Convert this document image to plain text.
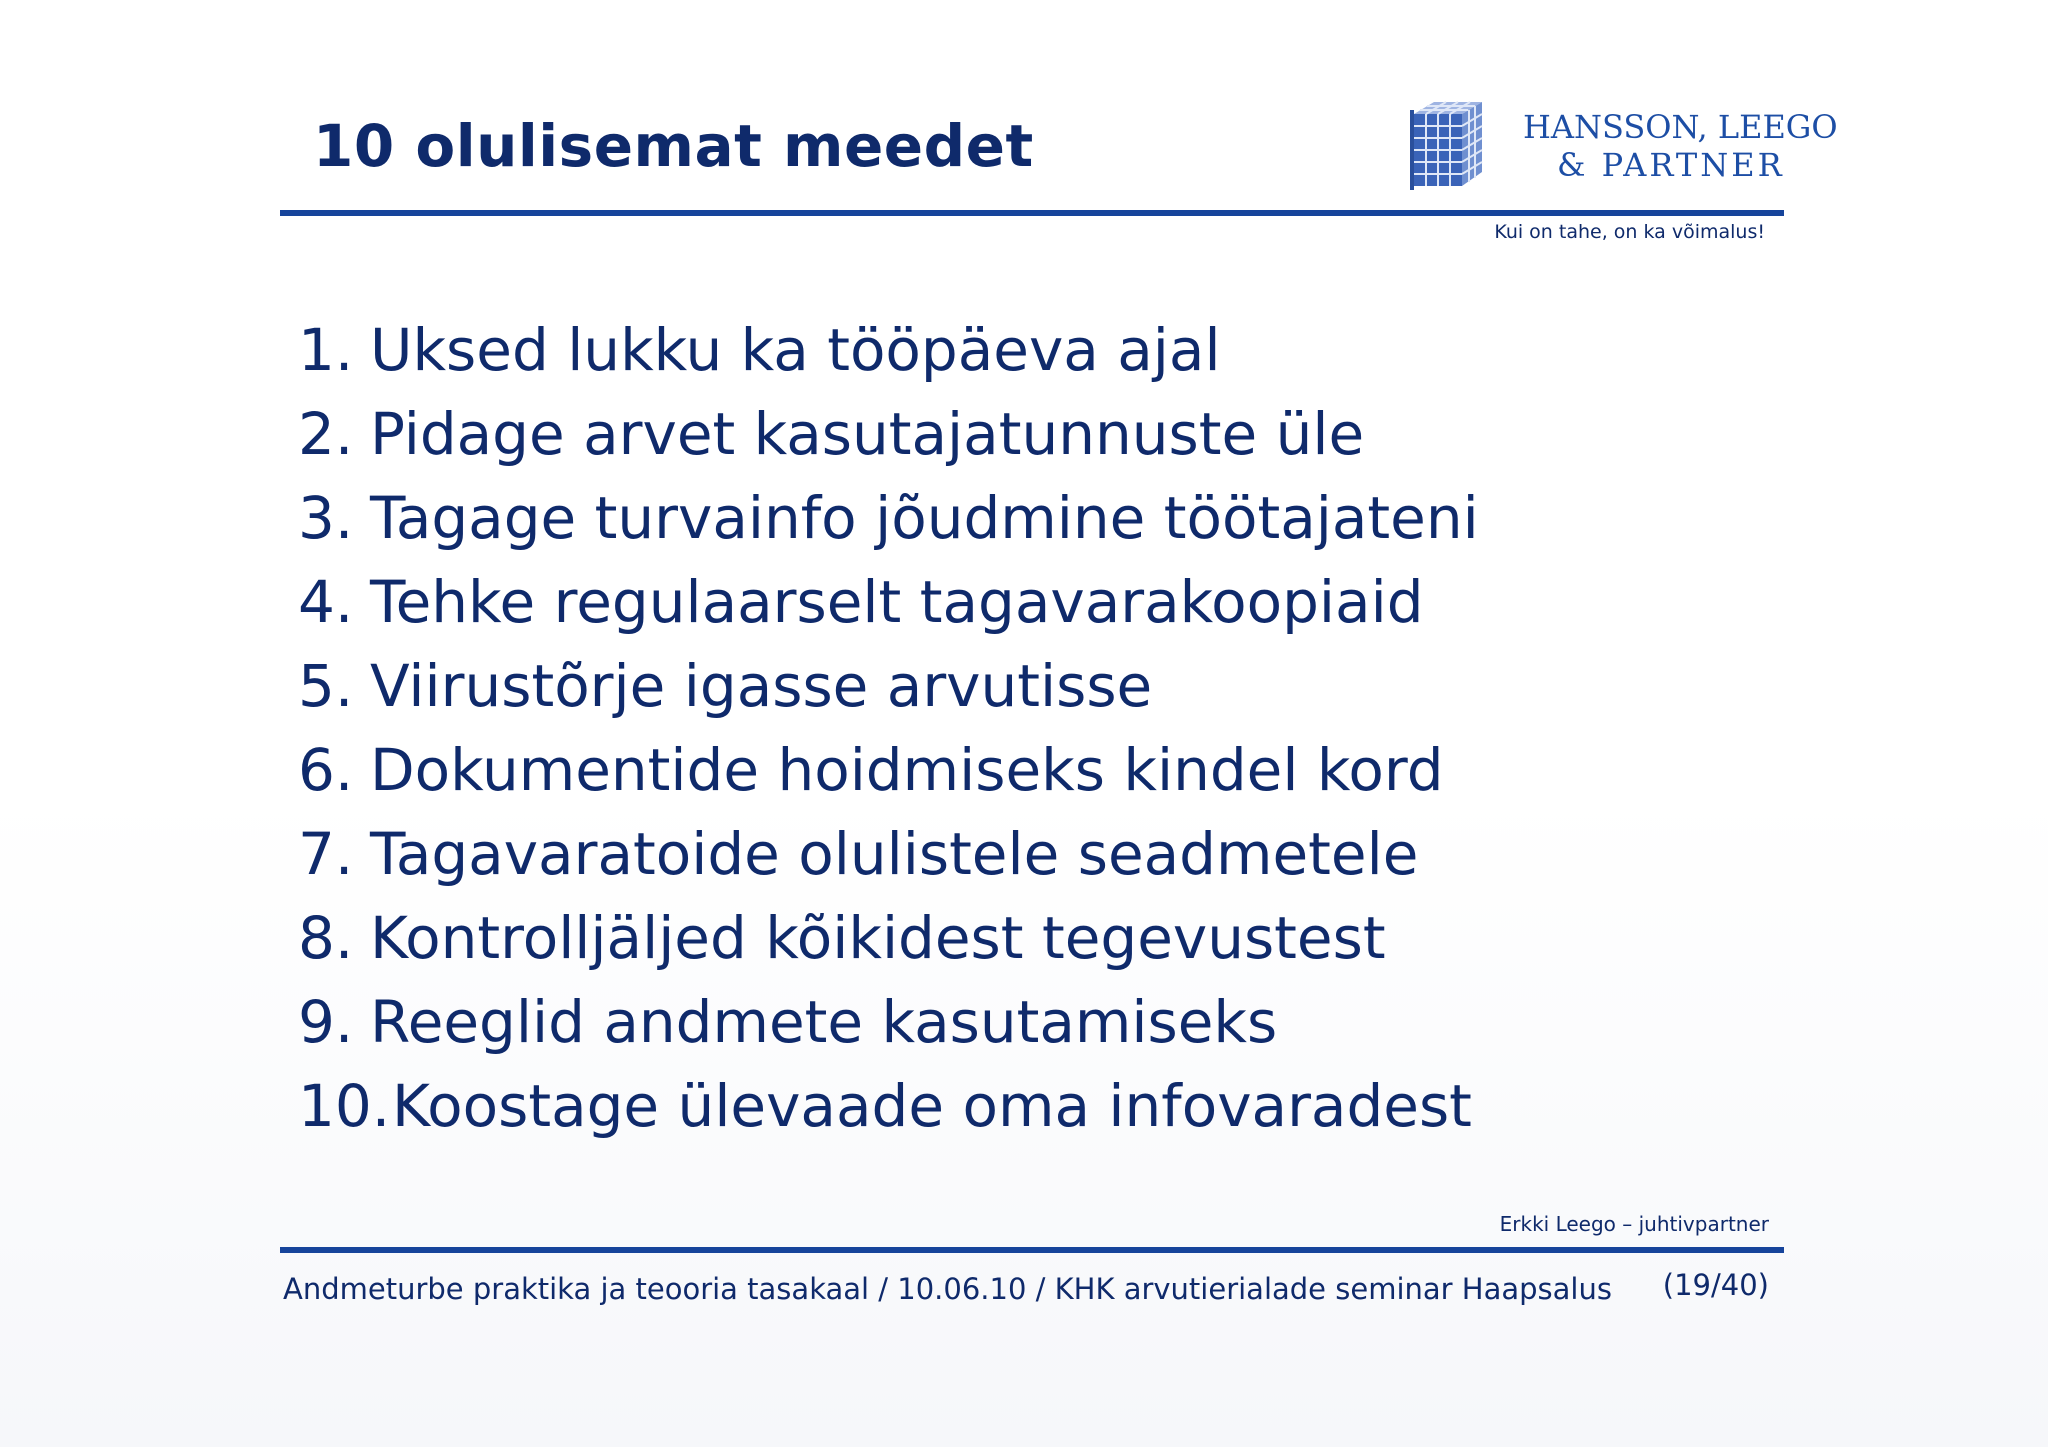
10 olulisemat meedet	HANSSON, LEEGO
& PARTNER
Kui on tahe, on ka võimalus!
1. Uksed lukku ka tööpäeva ajal
2. Pidage arvet kasutajatunnuste üle
3. Tagage turvainfo jõudmine töötajateni
4. Tehke regulaarselt tagavarakoopiaid
5. Viirustõrje igasse arvutisse
6. Dokumentide hoidmiseks kindel kord
7. Tagavaratoide olulistele seadmetele
8. Kontrolljäljed kõikidest tegevustest
9. Reeglid andmete kasutamiseks
10. Koostage ülevaade oma infovaradest
Erkki Leego – juhtivpartner
Andmeturbe praktika ja teooria tasakaal / 10.06.10 / KHK arvutierialade seminar Haapsalus (19/40)
